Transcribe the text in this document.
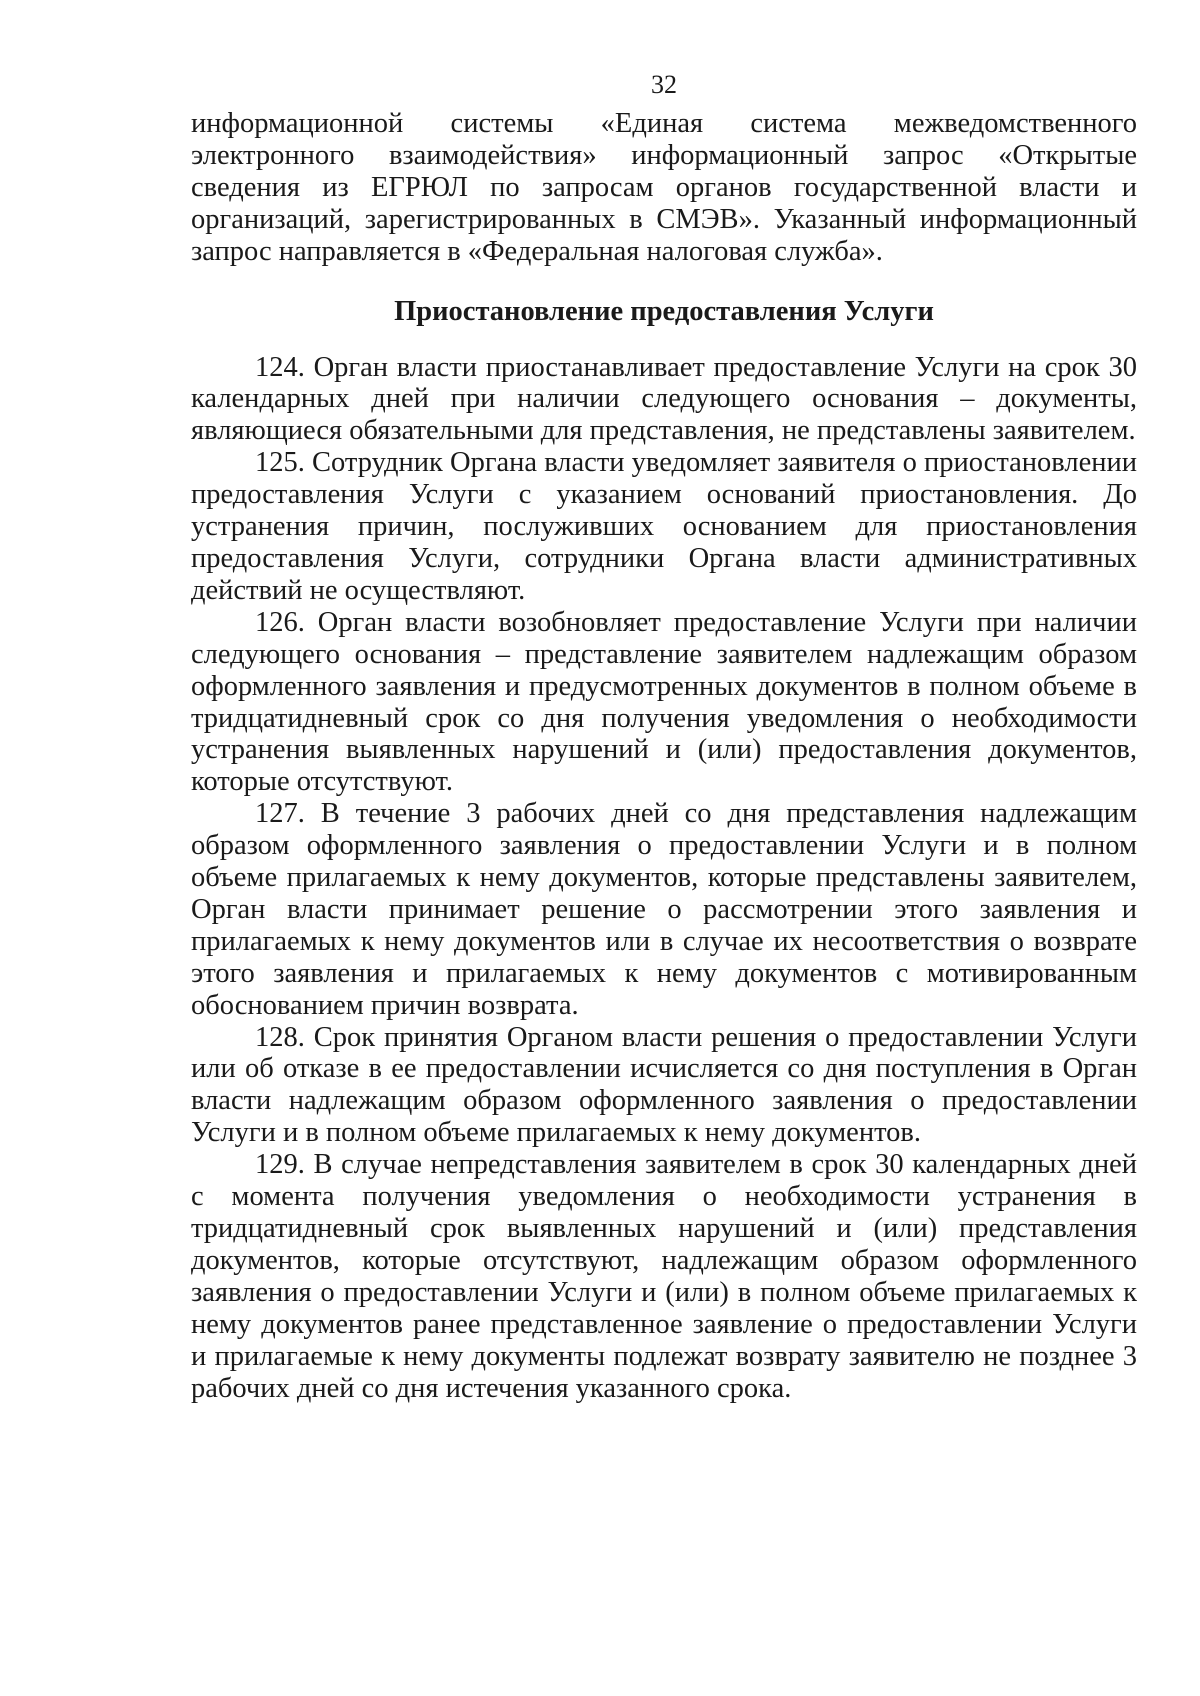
32

информационной системы «Единая система межведомственного электронного взаимодействия» информационный запрос «Открытые сведения из ЕГРЮЛ по запросам органов государственной власти и организаций, зарегистрированных в СМЭВ». Указанный информационный запрос направляется в «Федеральная налоговая служба».

Приостановление предоставления Услуги

124. Орган власти приостанавливает предоставление Услуги на срок 30 календарных дней при наличии следующего основания – документы, являющиеся обязательными для представления, не представлены заявителем.

125. Сотрудник Органа власти уведомляет заявителя о приостановлении предоставления Услуги с указанием оснований приостановления. До устранения причин, послуживших основанием для приостановления предоставления Услуги, сотрудники Органа власти административных действий не осуществляют.

126. Орган власти возобновляет предоставление Услуги при наличии следующего основания – представление заявителем надлежащим образом оформленного заявления и предусмотренных документов в полном объеме в тридцатидневный срок со дня получения уведомления о необходимости устранения выявленных нарушений и (или) предоставления документов, которые отсутствуют.

127. В течение 3 рабочих дней со дня представления надлежащим образом оформленного заявления о предоставлении Услуги и в полном объеме прилагаемых к нему документов, которые представлены заявителем, Орган власти принимает решение о рассмотрении этого заявления и прилагаемых к нему документов или в случае их несоответствия о возврате этого заявления и прилагаемых к нему документов с мотивированным обоснованием причин возврата.

128. Срок принятия Органом власти решения о предоставлении Услуги или об отказе в ее предоставлении исчисляется со дня поступления в Орган власти надлежащим образом оформленного заявления о предоставлении Услуги и в полном объеме прилагаемых к нему документов.

129. В случае непредставления заявителем в срок 30 календарных дней с момента получения уведомления о необходимости устранения в тридцатидневный срок выявленных нарушений и (или) представления документов, которые отсутствуют, надлежащим образом оформленного заявления о предоставлении Услуги и (или) в полном объеме прилагаемых к нему документов ранее представленное заявление о предоставлении Услуги и прилагаемые к нему документы подлежат возврату заявителю не позднее 3 рабочих дней со дня истечения указанного срока.
